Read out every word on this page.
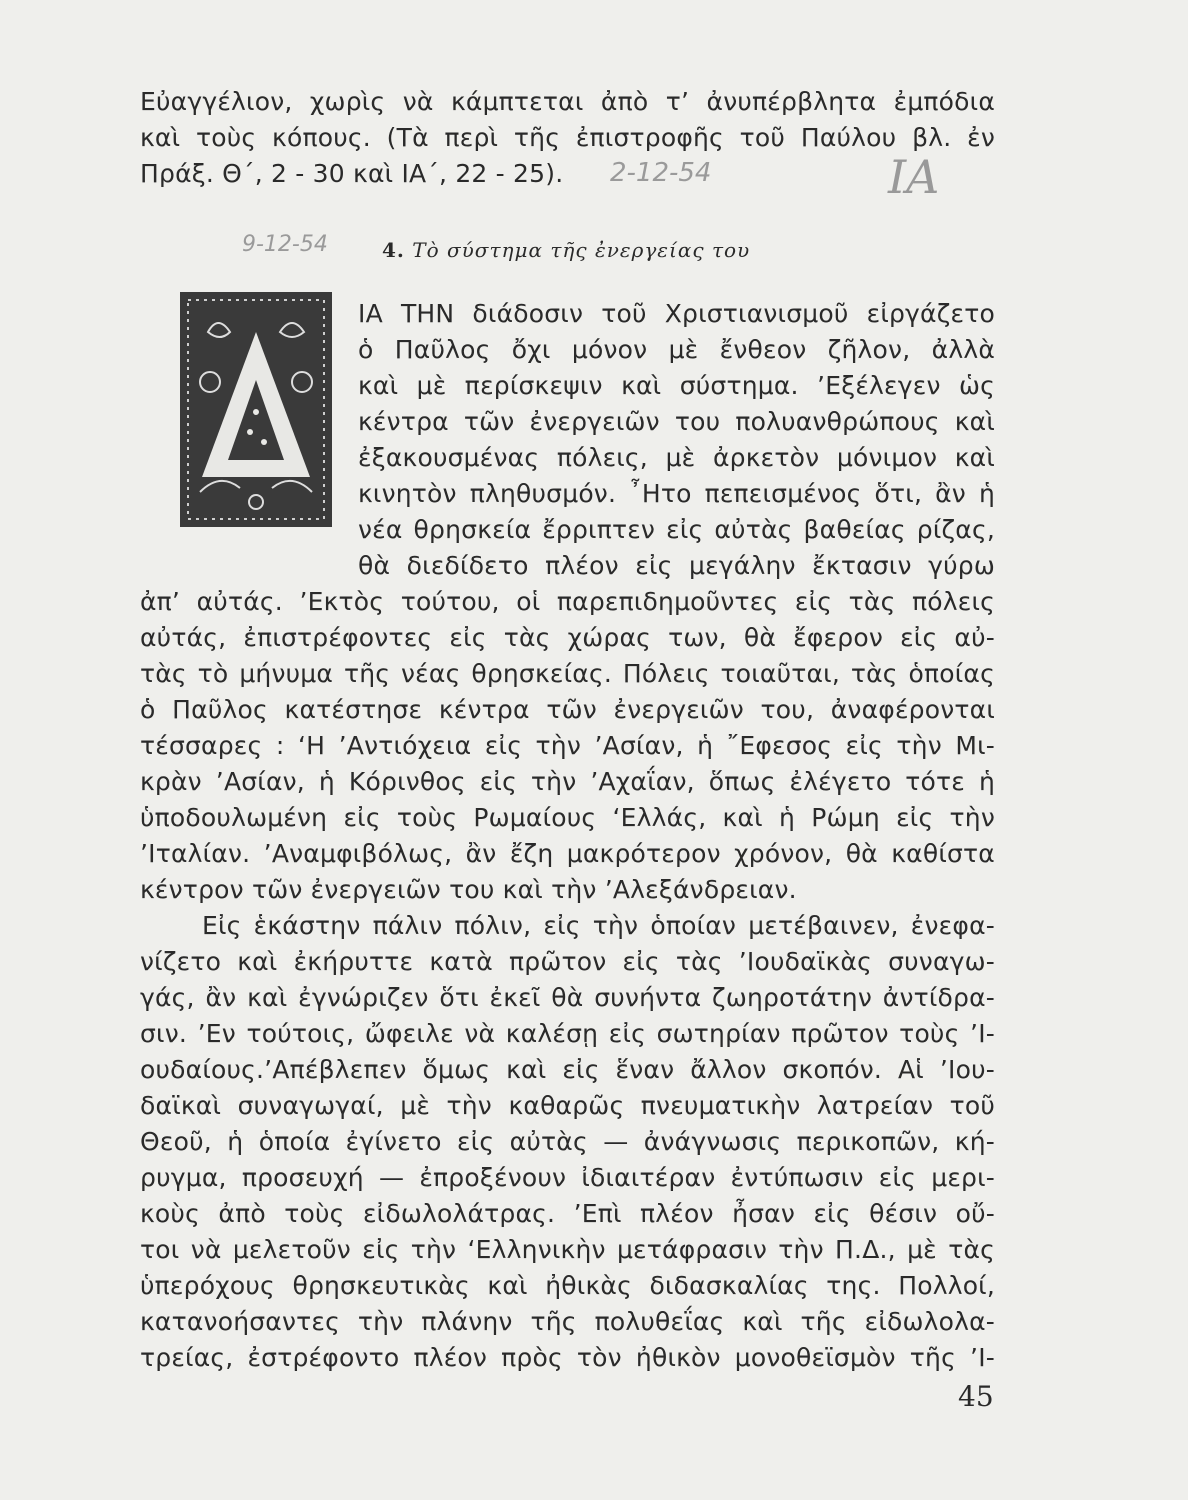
Εὐαγγέλιον, χωρὶς νὰ κάμπτεται ἀπὸ τ’ ἀνυπέρβλητα ἐμπόδια
καὶ τοὺς κόπους. (Τὰ περὶ τῆς ἐπιστροφῆς τοῦ Παύλου βλ. ἐν
Πράξ. Θ΄, 2 - 30 καὶ ΙΑ΄, 22 - 25).	2-12-54	ΙΑ
9-12-54	4. Τὸ σύστημα τῆς ἐνεργείας του
ΙΑ ΤΗΝ διάδοσιν τοῦ Χριστιανισμοῦ εἰργάζετο
ὁ Παῦλος ὄχι μόνον μὲ ἔνθεον ζῆλον, ἀλλὰ
καὶ μὲ περίσκεψιν καὶ σύστημα. ’Εξέλεγεν ὡς
κέντρα τῶν ἐνεργειῶν του πολυανθρώπους καὶ
ἐξακουσμένας πόλεις, μὲ ἀρκετὸν μόνιμον καὶ
κινητὸν πληθυσμόν. ῏Ητο πεπεισμένος ὅτι, ἂν ἡ
νέα θρησκεία ἔρριπτεν εἰς αὐτὰς βαθείας ρίζας,
θὰ διεδίδετο πλέον εἰς μεγάλην ἔκτασιν γύρω
ἀπ’ αὐτάς. ’Εκτὸς τούτου, οἱ παρεπιδημοῦντες εἰς τὰς πόλεις
αὐτάς, ἐπιστρέφοντες εἰς τὰς χώρας των, θὰ ἔφερον εἰς αὐ-
τὰς τὸ μήνυμα τῆς νέας θρησκείας. Πόλεις τοιαῦται, τὰς ὁποίας
ὁ Παῦλος κατέστησε κέντρα τῶν ἐνεργειῶν του, ἀναφέρονται
τέσσαρες : ‘Η ’Αντιόχεια εἰς τὴν ’Ασίαν, ἡ ῎Εφεσος εἰς τὴν Μι-
κρὰν ’Ασίαν, ἡ Κόρινθος εἰς τὴν ’Αχαΐαν, ὅπως ἐλέγετο τότε ἡ
ὑποδουλωμένη εἰς τοὺς Ρωμαίους ‘Ελλάς, καὶ ἡ Ρώμη εἰς τὴν
’Ιταλίαν. ’Αναμφιβόλως, ἂν ἔζη μακρότερον χρόνον, θὰ καθίστα
κέντρον τῶν ἐνεργειῶν του καὶ τὴν ’Αλεξάνδρειαν.
Εἰς ἑκάστην πάλιν πόλιν, εἰς τὴν ὁποίαν μετέβαινεν, ἐνεφα-
νίζετο καὶ ἐκήρυττε κατὰ πρῶτον εἰς τὰς ’Ιουδαϊκὰς συναγω-
γάς, ἂν καὶ ἐγνώριζεν ὅτι ἐκεῖ θὰ συνήντα ζωηροτάτην ἀντίδρα-
σιν. ’Εν τούτοις, ὤφειλε νὰ καλέσῃ εἰς σωτηρίαν πρῶτον τοὺς ’Ι-
ουδαίους.’Απέβλεπεν ὅμως καὶ εἰς ἕναν ἄλλον σκοπόν. Αἱ ’Ιου-
δαϊκαὶ συναγωγαί, μὲ τὴν καθαρῶς πνευματικὴν λατρείαν τοῦ
Θεοῦ, ἡ ὁποία ἐγίνετο εἰς αὐτὰς — ἀνάγνωσις περικοπῶν, κή-
ρυγμα, προσευχή — ἐπροξένουν ἰδιαιτέραν ἐντύπωσιν εἰς μερι-
κοὺς ἀπὸ τοὺς εἰδωλολάτρας. ’Επὶ πλέον ἦσαν εἰς θέσιν οὔ-
τοι νὰ μελετοῦν εἰς τὴν ‘Ελληνικὴν μετάφρασιν τὴν Π.Δ., μὲ τὰς
ὑπερόχους θρησκευτικὰς καὶ ἠθικὰς διδασκαλίας της. Πολλοί,
κατανοήσαντες τὴν πλάνην τῆς πολυθεΐας καὶ τῆς εἰδωλολα-
τρείας, ἐστρέφοντο πλέον πρὸς τὸν ἠθικὸν μονοθεϊσμὸν τῆς ’Ι-
45
